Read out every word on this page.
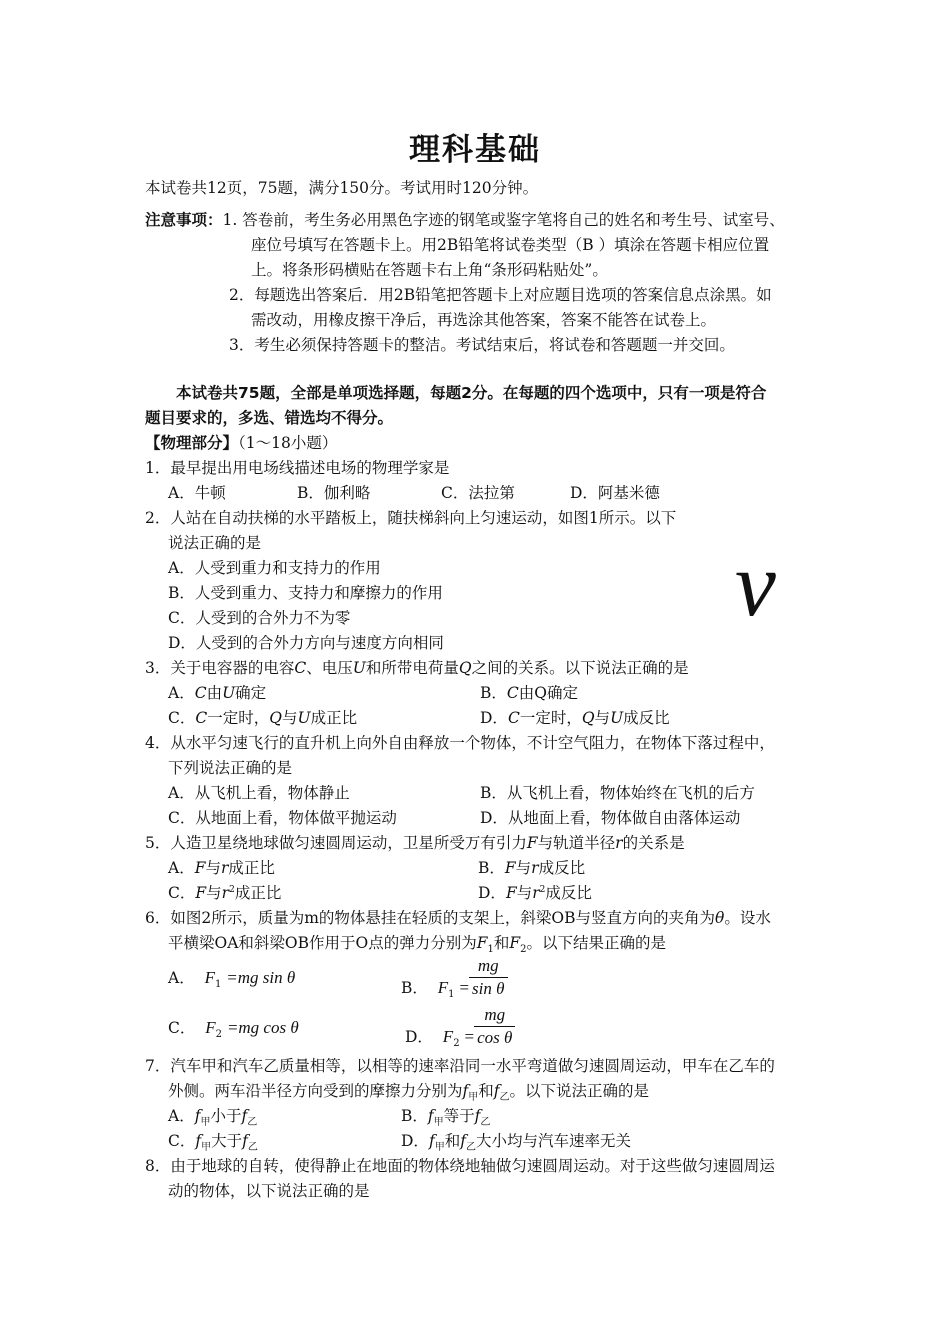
理科基础
本试卷共12页，75题，满分150分。考试用时120分钟。
注意事项：1. 答卷前，考生务必用黑色字迹的钢笔或鉴字笔将自己的姓名和考生号、试室号、
座位号填写在答题卡上。用2B铅笔将试卷类型（B ）填涂在答题卡相应位置
上。将条形码横贴在答题卡右上角“条形码粘贴处”。
2．每题选出答案后．用2B铅笔把答题卡上对应题目选项的答案信息点涂黑。如
需改动，用橡皮擦干净后，再选涂其他答案，答案不能答在试卷上。
3．考生必须保持答题卡的整洁。考试结束后，将试卷和答题题一并交回。
本试卷共75题，全部是单项选择题，每题2分。在每题的四个选项中，只有一项是符合
题目要求的，多选、错选均不得分。
【物理部分】（1～18小题）
1．最早提出用电场线描述电场的物理学家是
A．牛顿	B．伽利略	C．法拉第	D．阿基米德
2．人站在自动扶梯的水平踏板上，随扶梯斜向上匀速运动，如图1所示。以下
说法正确的是
A．人受到重力和支持力的作用
B．人受到重力、支持力和摩擦力的作用
C．人受到的合外力不为零
D．人受到的合外力方向与速度方向相同
v
3．关于电容器的电容C、电压U和所带电荷量Q之间的关系。以下说法正确的是
A．C由U确定	B．C由Q确定
C．C一定时，Q与U成正比	D．C一定时，Q与U成反比
4．从水平匀速飞行的直升机上向外自由释放一个物体，不计空气阻力，在物体下落过程中，
下列说法正确的是
A．从飞机上看，物体静止	B．从飞机上看，物体始终在飞机的后方
C．从地面上看，物体做平抛运动	D．从地面上看，物体做自由落体运动
5．人造卫星绕地球做匀速圆周运动，卫星所受万有引力F与轨道半径r的关系是
A．F与r成正比	B．F与r成反比
C．F与$r^2$成正比	D．F与$r^2$成反比
6．如图2所示，质量为m的物体悬挂在轻质的支架上，斜梁OB与竖直方向的夹角为θ。设水
平横梁OA和斜梁OB作用于O点的弹力分别为$F_1$和$F_2$。以下结果正确的是
A． $F_1 =mg$ sin θ
B． $F_1 = \frac{mg}{\text{sin θ}}$
C． $F_2 =mg$ cos θ	D． $F_2 = \frac{mg}{\text{cos θ}}$
7．汽车甲和汽车乙质量相等，以相等的速率沿同一水平弯道做匀速圆周运动，甲车在乙车的
外侧。两车沿半径方向受到的摩擦力分别为$f_甲$和$f_乙$。以下说法正确的是
A．$f_甲$小于$f_乙$	B．$f_甲$等于$f_乙$
C．$f_甲$大于$f_乙$	D．$f_甲$和$f_乙$大小均与汽车速率无关
8．由于地球的自转，使得静止在地面的物体绕地轴做匀速圆周运动。对于这些做匀速圆周运
动的物体，以下说法正确的是
